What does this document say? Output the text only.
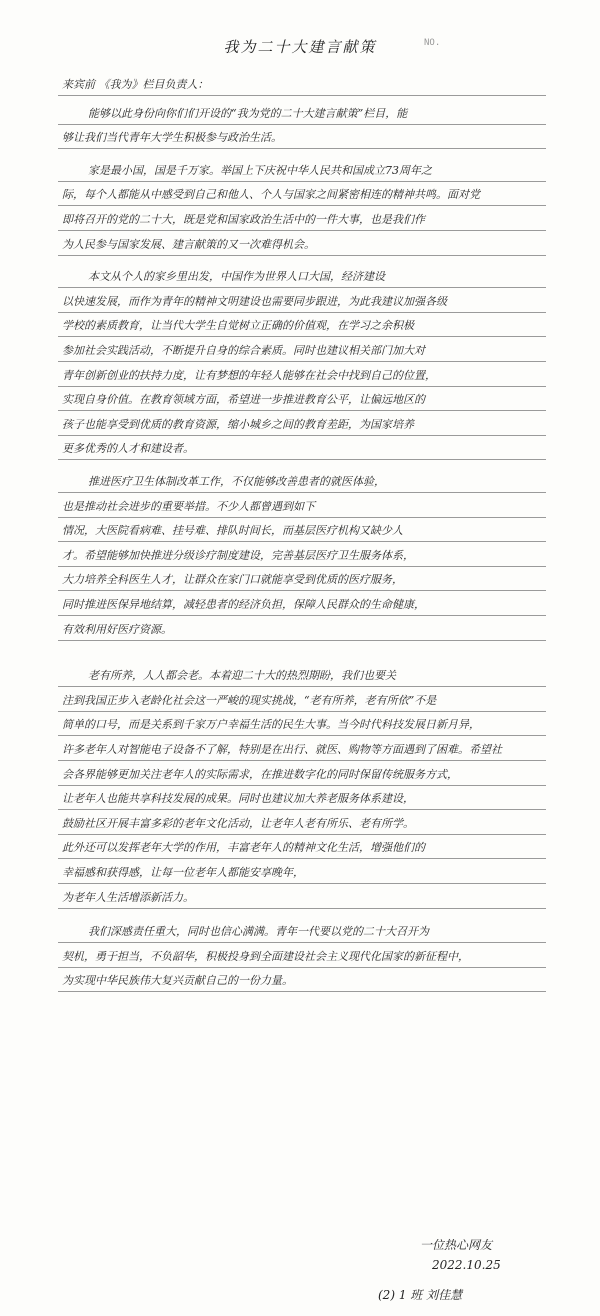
我为二十大建言献策	NO.
来宾前 《我为》栏目负责人：
能够以此身份向你们们开设的“我为党的二十大建言献策”栏目，能
够让我们当代青年大学生积极参与政治生活。
家是最小国，国是千万家。举国上下庆祝中华人民共和国成立73周年之
际，每个人都能从中感受到自己和他人、个人与国家之间紧密相连的精神共鸣。面对党
即将召开的党的二十大，既是党和国家政治生活中的一件大事，也是我们作
为人民参与国家发展、建言献策的又一次难得机会。
本文从个人的家乡里出发，中国作为世界人口大国，经济建设
以快速发展，而作为青年的精神文明建设也需要同步跟进，为此我建议加强各级
学校的素质教育，让当代大学生自觉树立正确的价值观，在学习之余积极
参加社会实践活动，不断提升自身的综合素质。同时也建议相关部门加大对
青年创新创业的扶持力度，让有梦想的年轻人能够在社会中找到自己的位置，
实现自身价值。在教育领域方面，希望进一步推进教育公平，让偏远地区的
孩子也能享受到优质的教育资源，缩小城乡之间的教育差距，为国家培养
更多优秀的人才和建设者。
推进医疗卫生体制改革工作，不仅能够改善患者的就医体验，
也是推动社会进步的重要举措。不少人都曾遇到如下
情况，大医院看病难、挂号难、排队时间长，而基层医疗机构又缺少人
才。希望能够加快推进分级诊疗制度建设，完善基层医疗卫生服务体系，
大力培养全科医生人才，让群众在家门口就能享受到优质的医疗服务，
同时推进医保异地结算，减轻患者的经济负担，保障人民群众的生命健康，
有效利用好医疗资源。
老有所养，人人都会老。本着迎二十大的热烈期盼，我们也要关
注到我国正步入老龄化社会这一严峻的现实挑战，“老有所养，老有所依”不是
简单的口号，而是关系到千家万户幸福生活的民生大事。当今时代科技发展日新月异，
许多老年人对智能电子设备不了解，特别是在出行、就医、购物等方面遇到了困难。希望社
会各界能够更加关注老年人的实际需求，在推进数字化的同时保留传统服务方式，
让老年人也能共享科技发展的成果。同时也建议加大养老服务体系建设，
鼓励社区开展丰富多彩的老年文化活动，让老年人老有所乐、老有所学。
此外还可以发挥老年大学的作用，丰富老年人的精神文化生活，增强他们的
幸福感和获得感，让每一位老年人都能安享晚年，
为老年人生活增添新活力。
我们深感责任重大，同时也信心满满。青年一代要以党的二十大召开为
契机，勇于担当，不负韶华，积极投身到全面建设社会主义现代化国家的新征程中，
为实现中华民族伟大复兴贡献自己的一份力量。
一位热心网友
2022.10.25
(2) 1 班 刘佳慧
